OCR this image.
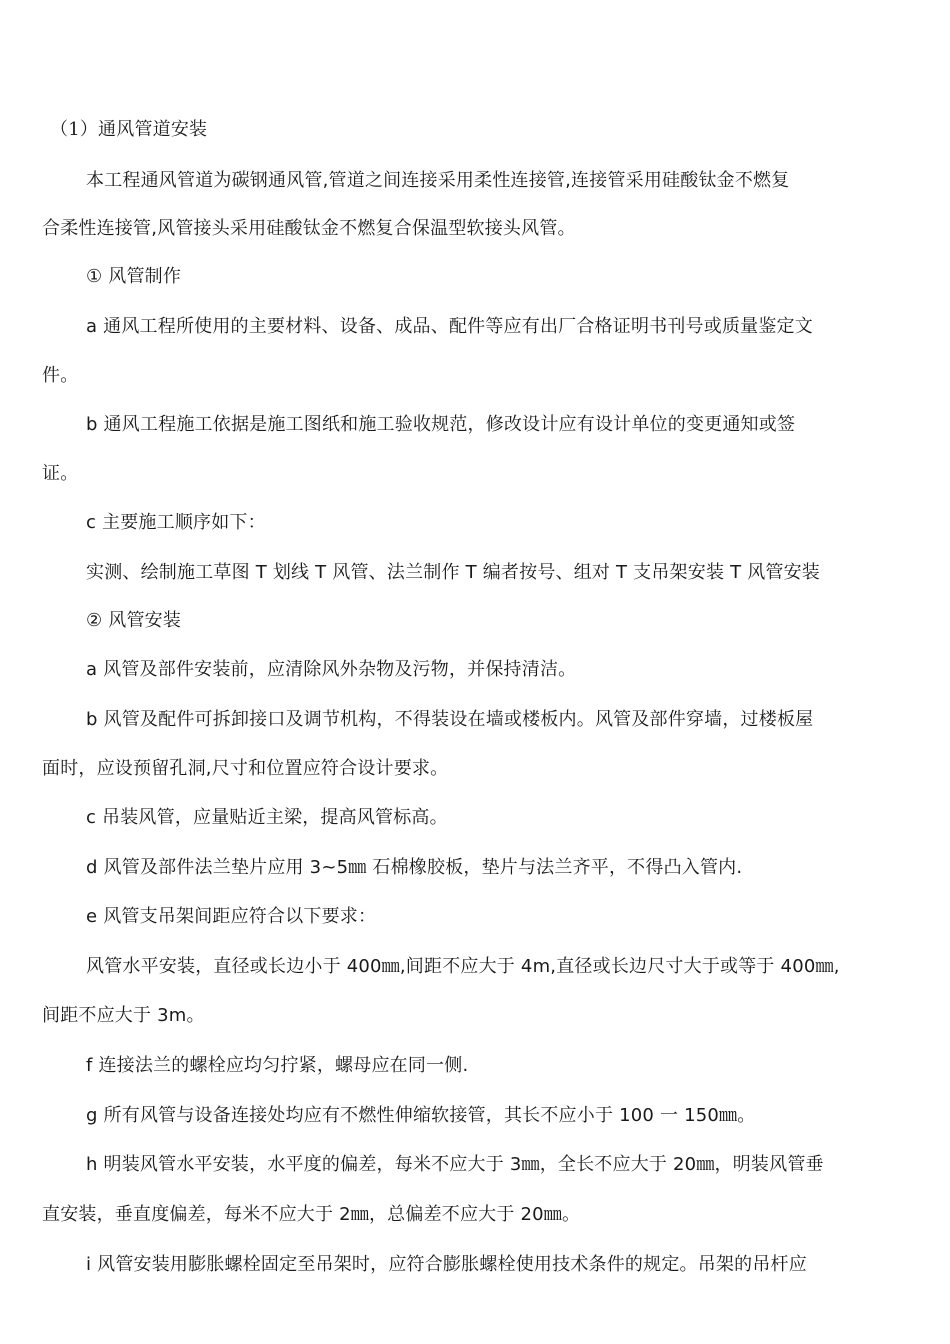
（1）通风管道安装
本工程通风管道为碳钢通风管,管道之间连接采用柔性连接管,连接管采用硅酸钛金不燃复
合柔性连接管,风管接头采用硅酸钛金不燃复合保温型软接头风管。
① 风管制作
a 通风工程所使用的主要材料、设备、成品、配件等应有出厂合格证明书刊号或质量鉴定文
件。
b 通风工程施工依据是施工图纸和施工验收规范，修改设计应有设计单位的变更通知或签
证。
c 主要施工顺序如下：
实测、绘制施工草图 T 划线 T 风管、法兰制作 T 编者按号、组对 T 支吊架安装 T 风管安装
② 风管安装
a 风管及部件安装前，应清除风外杂物及污物，并保持清洁。
b 风管及配件可拆卸接口及调节机构，不得装设在墙或楼板内。风管及部件穿墙，过楼板屋
面时，应设预留孔洞,尺寸和位置应符合设计要求。
c 吊装风管，应量贴近主梁，提高风管标高。
d 风管及部件法兰垫片应用 3~5㎜ 石棉橡胶板，垫片与法兰齐平，不得凸入管内.
e 风管支吊架间距应符合以下要求：
风管水平安装，直径或长边小于 400㎜,间距不应大于 4m,直径或长边尺寸大于或等于 400㎜,
间距不应大于 3m。
f 连接法兰的螺栓应均匀拧紧，螺母应在同一侧.
g 所有风管与设备连接处均应有不燃性伸缩软接管，其长不应小于 100 一 150㎜。
h 明装风管水平安装，水平度的偏差，每米不应大于 3㎜，全长不应大于 20㎜，明装风管垂
直安装，垂直度偏差，每米不应大于 2㎜，总偏差不应大于 20㎜。
i 风管安装用膨胀螺栓固定至吊架时，应符合膨胀螺栓使用技术条件的规定。吊架的吊杆应
